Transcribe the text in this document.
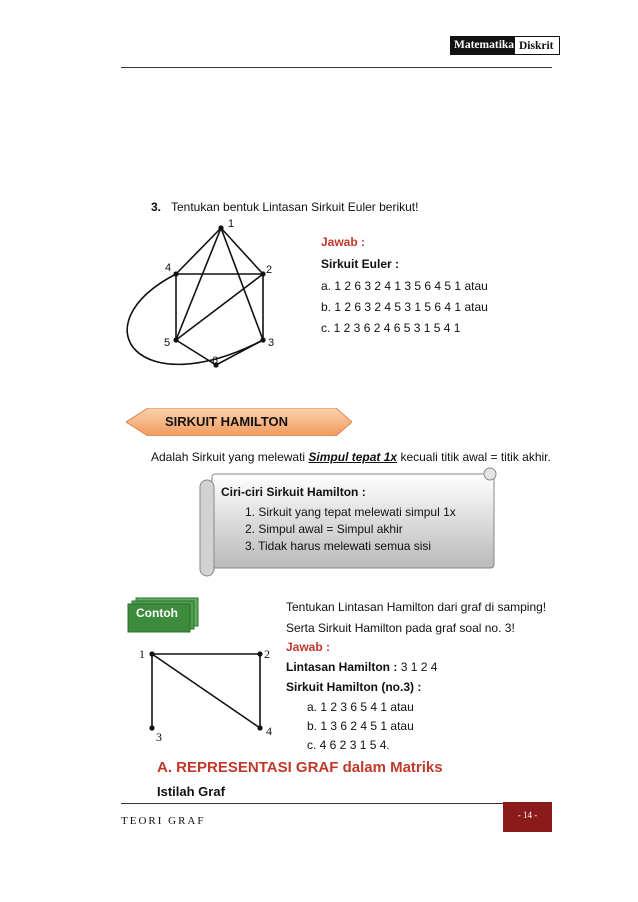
Matematika Diskrit
3. Tentukan bentuk Lintasan Sirkuit Euler berikut!
1
2
3
4
5
6
Jawab :
Sirkuit Euler :
a. 1 2 6 3 2 4 1 3 5 6 4 5 1 atau
b. 1 2 6 3 2 4 5 3 1 5 6 4 1 atau
c. 1 2 3 6 2 4 6 5 3 1 5 4 1
SIRKUIT HAMILTON
Adalah Sirkuit yang melewati Simpul tepat 1x kecuali titik awal = titik akhir.
Ciri-ciri Sirkuit Hamilton :
1. Sirkuit yang tepat melewati simpul 1x
2. Simpul awal = Simpul akhir
3. Tidak harus melewati semua sisi
Contoh
1	2
3	4
Tentukan Lintasan Hamilton dari graf di samping!
Serta Sirkuit Hamilton pada graf soal no. 3!
Jawab :
Lintasan Hamilton : 3 1 2 4
Sirkuit Hamilton (no.3) :
a. 1 2 3 6 5 4 1 atau
b. 1 3 6 2 4 5 1 atau
c. 4 6 2 3 1 5 4.
A. REPRESENTASI GRAF dalam Matriks
Istilah Graf
TEORI GRAF	- 14 -
